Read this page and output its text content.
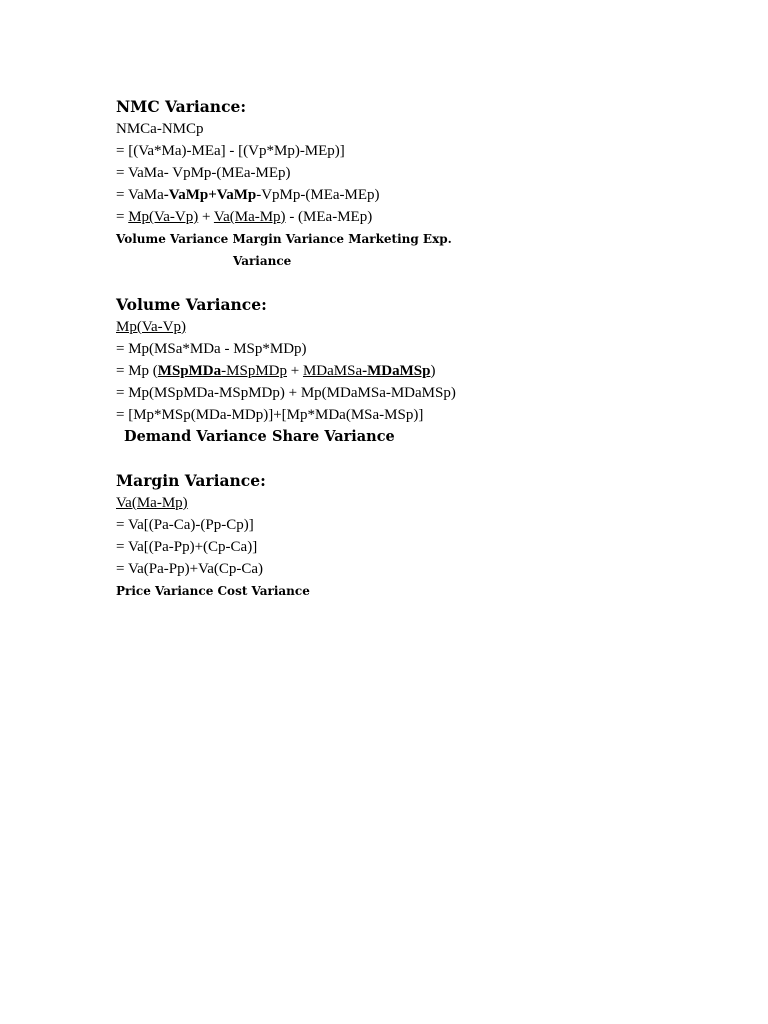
NMC Variance:
NMCa-NMCp
= [(Va*Ma)-MEa] - [(Vp*Mp)-MEp)]
= VaMa- VpMp-(MEa-MEp)
= VaMa-VaMp+VaMp-VpMp-(MEa-MEp)
= Mp(Va-Vp) + Va(Ma-Mp) - (MEa-MEp)
Volume Variance Margin Variance Marketing Exp.
Variance
Volume Variance:
Mp(Va-Vp)
= Mp(MSa*MDa - MSp*MDp)
= Mp (MSpMDa-MSpMDp + MDaMSa-MDaMSp)
= Mp(MSpMDa-MSpMDp) + Mp(MDaMSa-MDaMSp)
= [Mp*MSp(MDa-MDp)]+[Mp*MDa(MSa-MSp)]
Demand Variance Share Variance
Margin Variance:
Va(Ma-Mp)
= Va[(Pa-Ca)-(Pp-Cp)]
= Va[(Pa-Pp)+(Cp-Ca)]
= Va(Pa-Pp)+Va(Cp-Ca)
Price Variance Cost Variance
